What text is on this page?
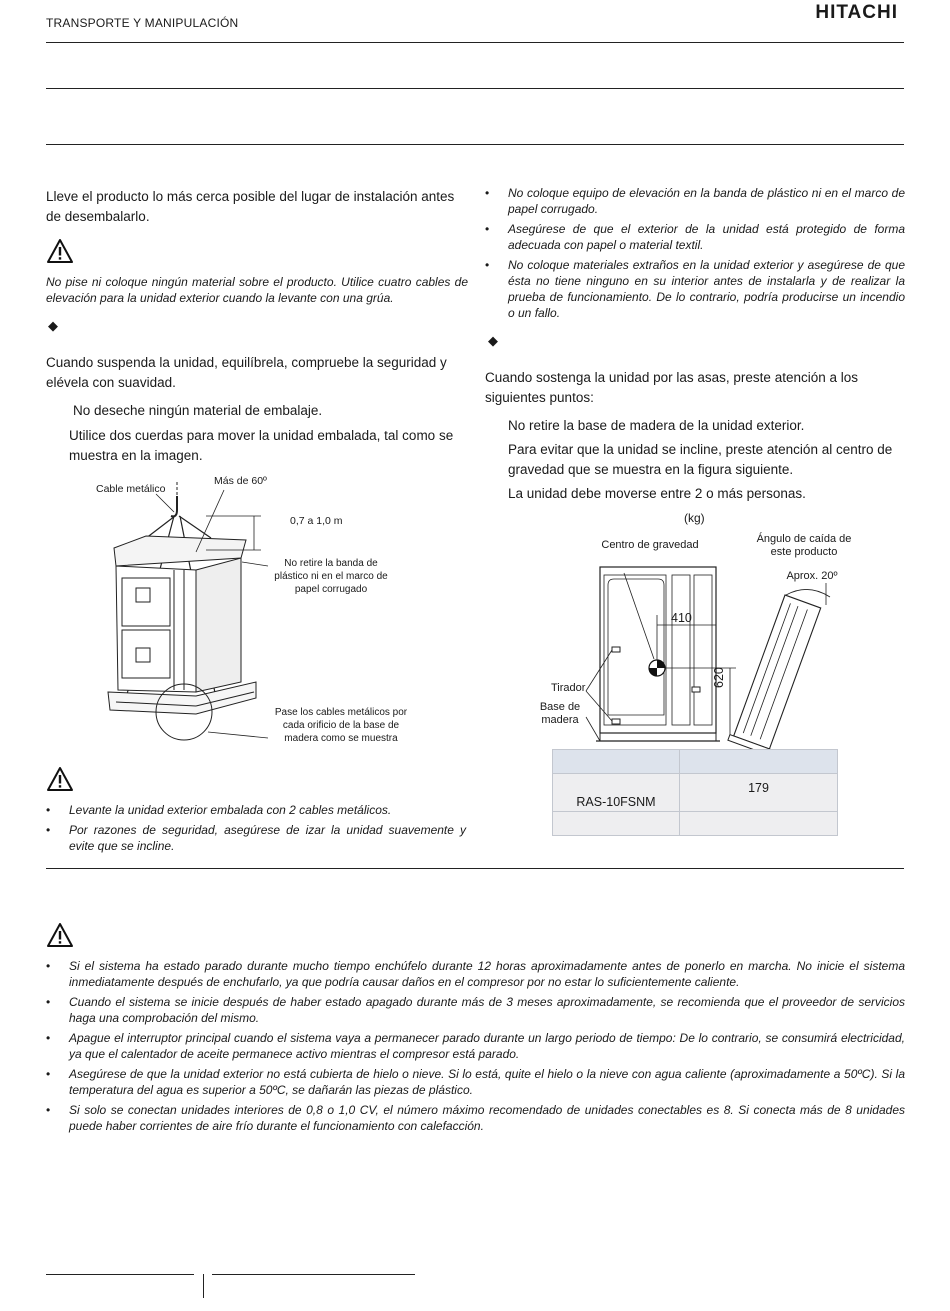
TRANSPORTE Y MANIPULACIÓN	HITACHI
Lleve el producto lo más cerca posible del lugar de instalación antes de desembalarlo.
No pise ni coloque ningún material sobre el producto. Utilice cuatro cables de elevación para la unidad exterior cuando la levante con una grúa.
◆
Cuando suspenda la unidad, equilíbrela, compruebe la seguridad y elévela con suavidad.
No deseche ningún material de embalaje.
Utilice dos cuerdas para mover la unidad embalada, tal como se muestra en la imagen.
Cable metálico
Más de 60º
0,7 a 1,0 m
No retire la banda de plástico ni en el marco de papel corrugado
Pase los cables metálicos por cada orificio de la base de madera como se muestra
• Levante la unidad exterior embalada con 2 cables metálicos.
• Por razones de seguridad, asegúrese de izar la unidad suavemente y evite que se incline.
• No coloque equipo de elevación en la banda de plástico ni en el marco de papel corrugado.
• Asegúrese de que el exterior de la unidad está protegido de forma adecuada con papel o material textil.
• No coloque materiales extraños en la unidad exterior y asegúrese de que ésta no tiene ninguno en su interior antes de instalarla y de realizar la prueba de funcionamiento. De lo contrario, podría producirse un incendio o un fallo.
◆
Cuando sostenga la unidad por las asas, preste atención a los siguientes puntos:
No retire la base de madera de la unidad exterior.
Para evitar que la unidad se incline, preste atención al centro de gravedad que se muestra en la figura siguiente.
La unidad debe moverse entre 2 o más personas.
(kg)
Centro de gravedad	Ángulo de caída de este producto
Aprox. 20º
410
620
Tirador
Base de madera

RAS-10FSNM	179

• Si el sistema ha estado parado durante mucho tiempo enchúfelo durante 12 horas aproximadamente antes de ponerlo en marcha. No inicie el sistema inmediatamente después de enchufarlo, ya que podría causar daños en el compresor por no estar lo suficientemente caliente.
• Cuando el sistema se inicie después de haber estado apagado durante más de 3 meses aproximadamente, se recomienda que el proveedor de servicios haga una comprobación del mismo.
• Apague el interruptor principal cuando el sistema vaya a permanecer parado durante un largo periodo de tiempo: De lo contrario, se consumirá electricidad, ya que el calentador de aceite permanece activo mientras el compresor está parado.
• Asegúrese de que la unidad exterior no está cubierta de hielo o nieve. Si lo está, quite el hielo o la nieve con agua caliente (aproximadamente a 50ºC). Si la temperatura del agua es superior a 50ºC, se dañarán las piezas de plástico.
• Si solo se conectan unidades interiores de 0,8 o 1,0 CV, el número máximo recomendado de unidades conectables es 8. Si conecta más de 8 unidades puede haber corrientes de aire frío durante el funcionamiento con calefacción.
